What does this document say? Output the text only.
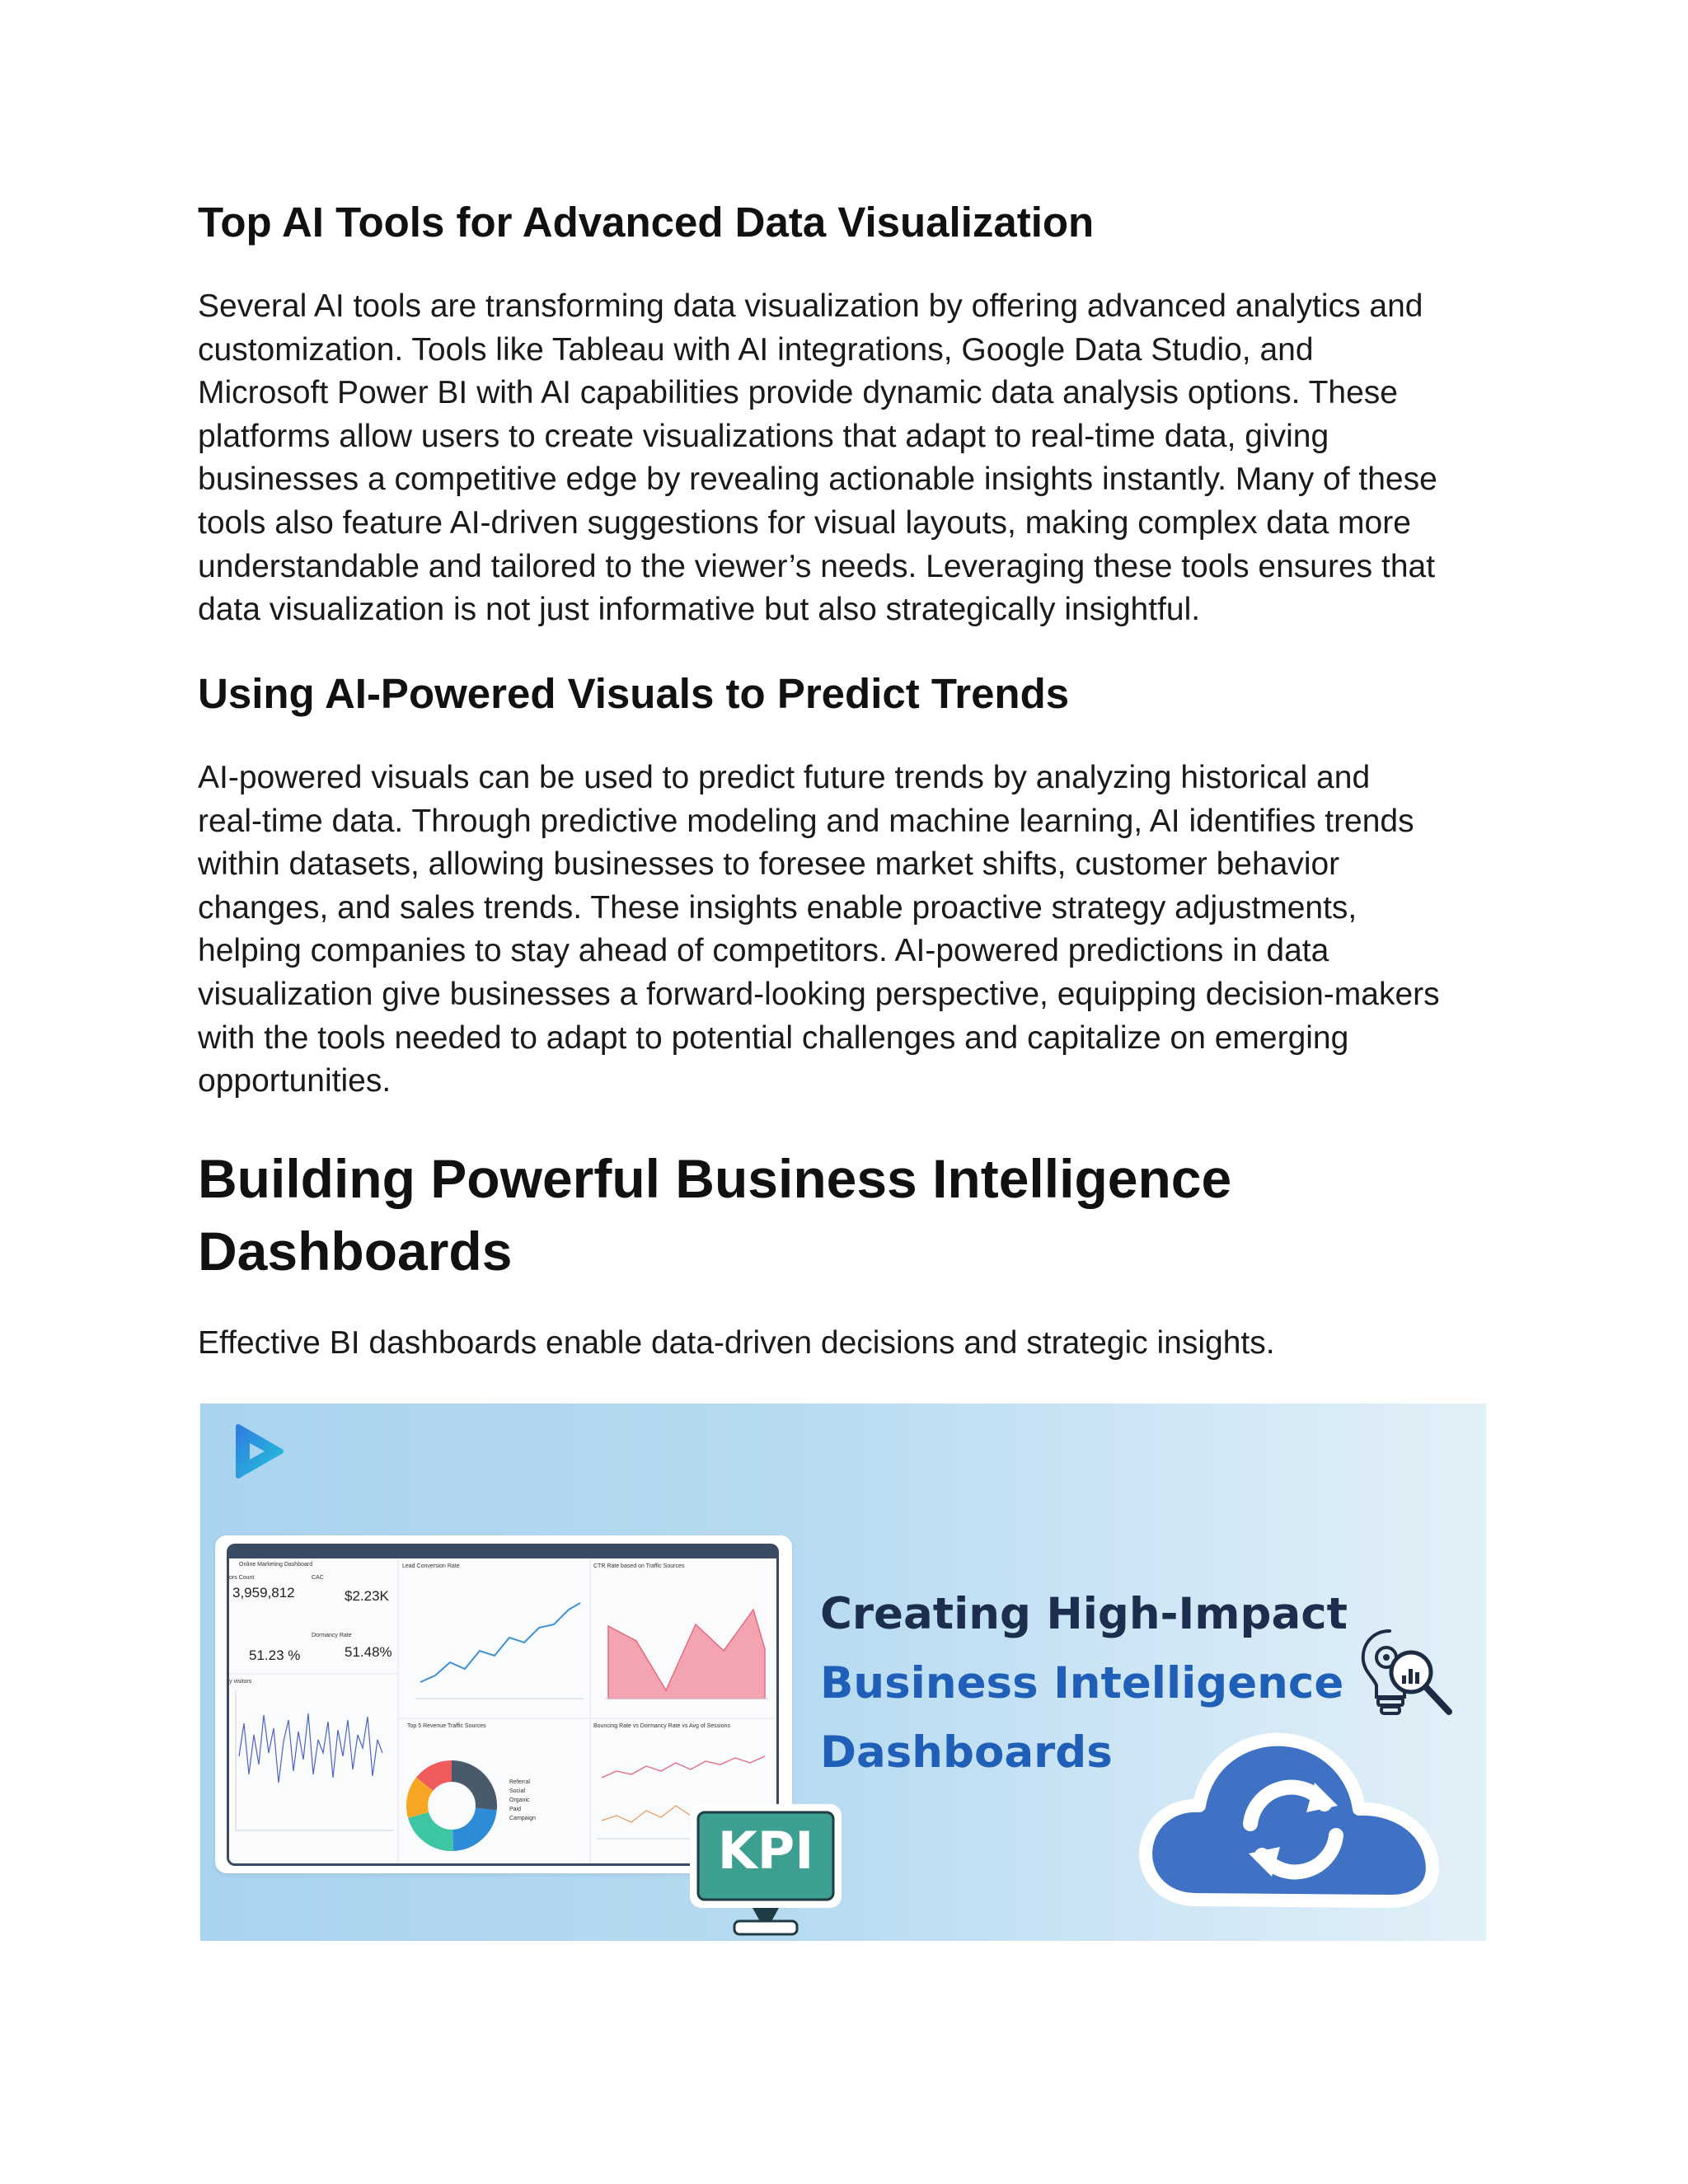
Top AI Tools for Advanced Data Visualization
Several AI tools are transforming data visualization by offering advanced analytics and
customization. Tools like Tableau with AI integrations, Google Data Studio, and
Microsoft Power BI with AI capabilities provide dynamic data analysis options. These
platforms allow users to create visualizations that adapt to real-time data, giving
businesses a competitive edge by revealing actionable insights instantly. Many of these
tools also feature AI-driven suggestions for visual layouts, making complex data more
understandable and tailored to the viewer’s needs. Leveraging these tools ensures that
data visualization is not just informative but also strategically insightful.
Using AI-Powered Visuals to Predict Trends
AI-powered visuals can be used to predict future trends by analyzing historical and
real-time data. Through predictive modeling and machine learning, AI identifies trends
within datasets, allowing businesses to foresee market shifts, customer behavior
changes, and sales trends. These insights enable proactive strategy adjustments,
helping companies to stay ahead of competitors. AI-powered predictions in data
visualization give businesses a forward-looking perspective, equipping decision-makers
with the tools needed to adapt to potential challenges and capitalize on emerging
opportunities.
Building Powerful Business Intelligence
Dashboards
Effective BI dashboards enable data-driven decisions and strategic insights.
Online Marketing Dashboard
ors Count
3,959,812
CAC
$2.23K
51.23 %
Dormancy Rate
51.48%
Lead Conversion Rate	CTR Rate based on Traffic Sources
y visitors
Top 5 Revenue Traffic Sources	Bouncing Rate vs Dormancy Rate vs Avg of Sessions
Referral
Social
Organic
Paid
Campaign
KPI
Creating High-Impact
Business Intelligence
Dashboards
